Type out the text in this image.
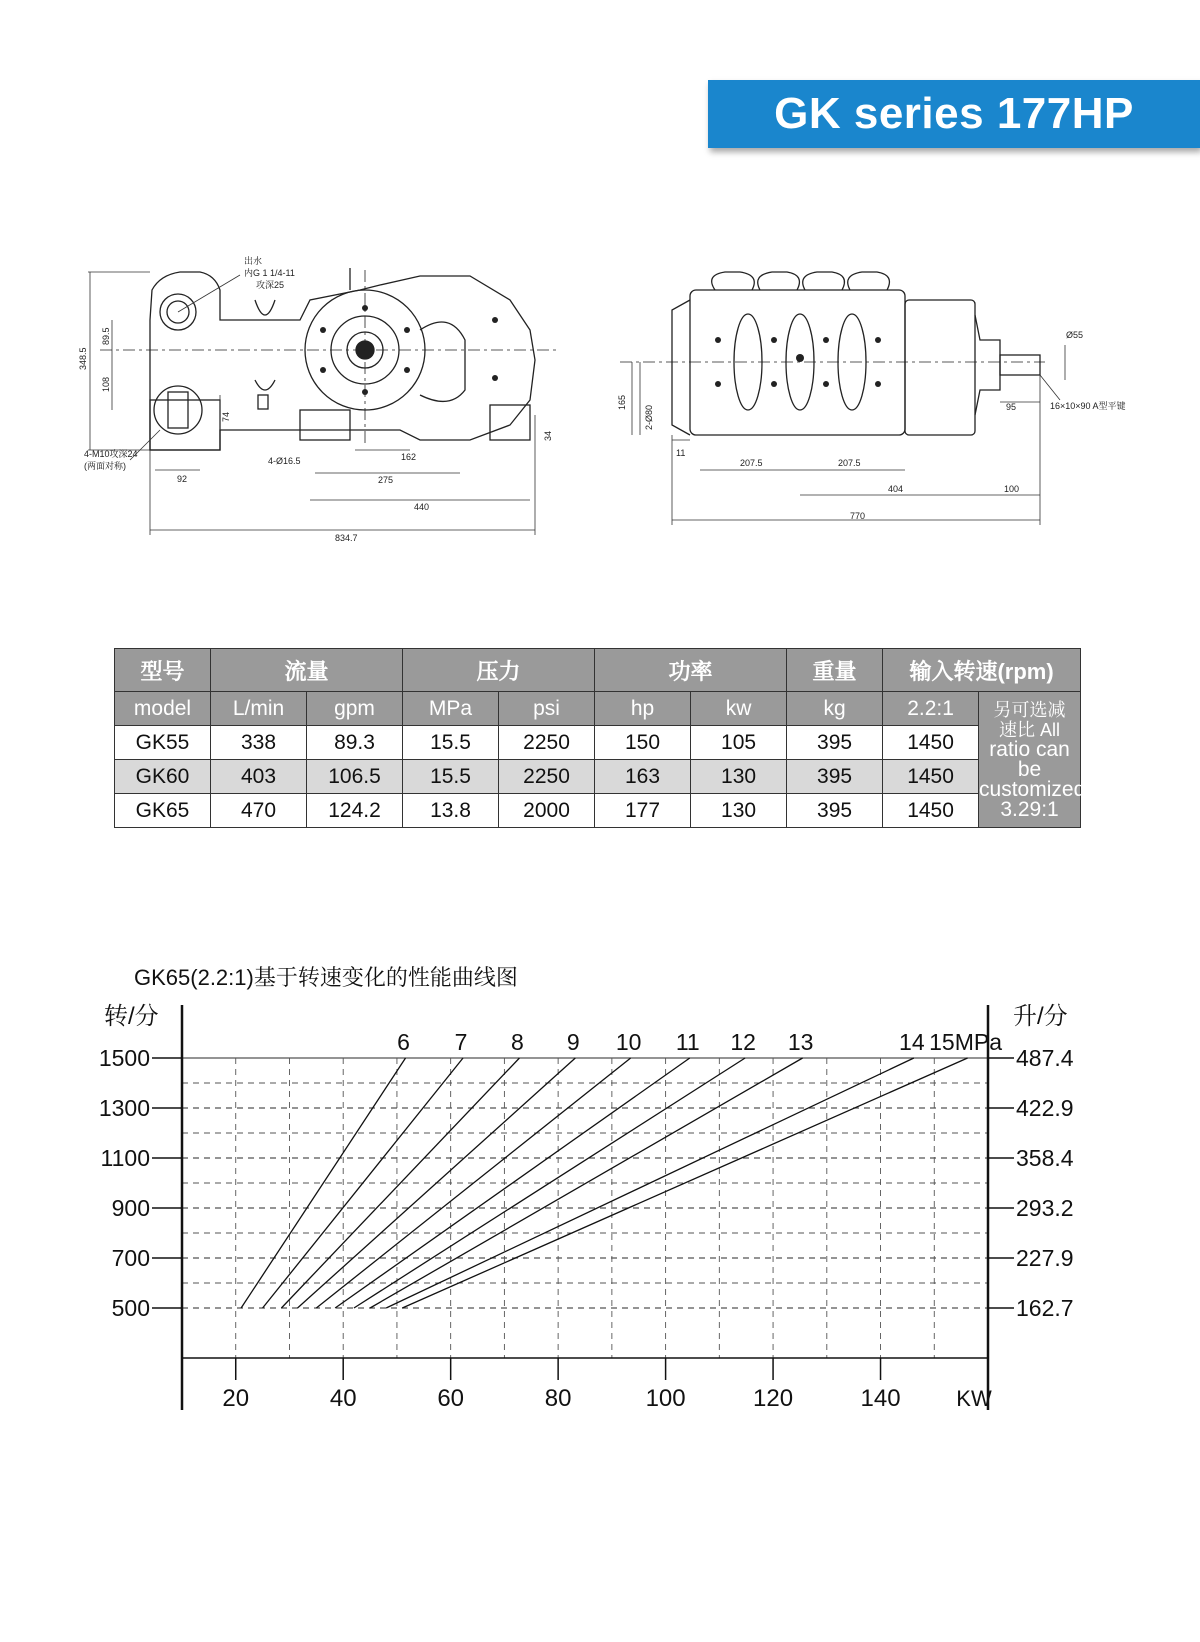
GK series 177HP
出水
内G 1 1/4-11
攻深25
4-M10攻深24
(两面对称)	4-Ø16.5
348.5
89.5
108
74
92
162
275
440
834.7
34
Ø55
16×10×90 A型平键
2-Ø80
165
11
207.5	207.5
404	100
770
95
型号	流量		压力		功率		重量	输入转速(rpm)	
model	L/min	gpm	MPa	psi	hp	kw	kg	2.2:1	另可选减
速比 All
ratio can be
customized
3.29:1

GK55	338	89.3	15.5	2250	150	105	395	1450	
GK60	403	106.5	15.5	2250	163	130	395	1450	
GK65	470	124.2	13.8	2000	177	130	395	1450	
GK65(2.2:1)基于转速变化的性能曲线图
转/分	升/分
20	40	60	80	100	120	140	KW
500	162.7
700	227.9
900	293.2
1100	358.4
1300	422.9
1500	487.4
6 7 8 9 10 11 12 13	14 15MPa
